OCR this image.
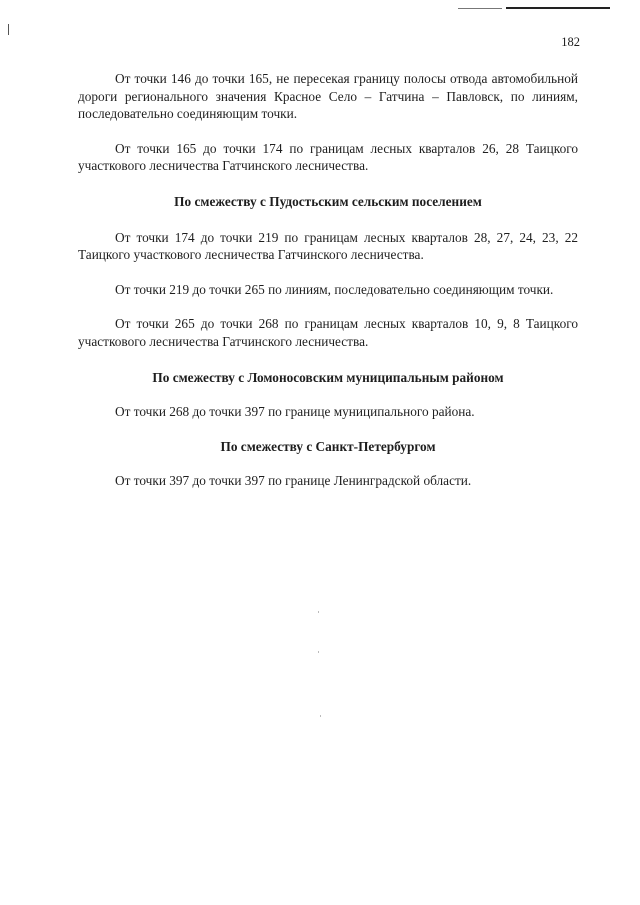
182

От точки 146 до точки 165, не пересекая границу полосы отвода автомобильной дороги регионального значения Красное Село – Гатчина – Павловск, по линиям, последовательно соединяющим точки.

От точки 165 до точки 174 по границам лесных кварталов 26, 28 Таицкого участкового лесничества Гатчинского лесничества.

По смежеству с Пудостьским сельским поселением

От точки 174 до точки 219 по границам лесных кварталов 28, 27, 24, 23, 22 Таицкого участкового лесничества Гатчинского лесничества.

От точки 219 до точки 265 по линиям, последовательно соединяющим точки.

От точки 265 до точки 268 по границам лесных кварталов 10, 9, 8 Таицкого участкового лесничества Гатчинского лесничества.

По смежеству с Ломоносовским муниципальным районом

От точки 268 до точки 397 по границе муниципального района.

По смежеству с Санкт-Петербургом

От точки 397 до точки 397 по границе Ленинградской области.
